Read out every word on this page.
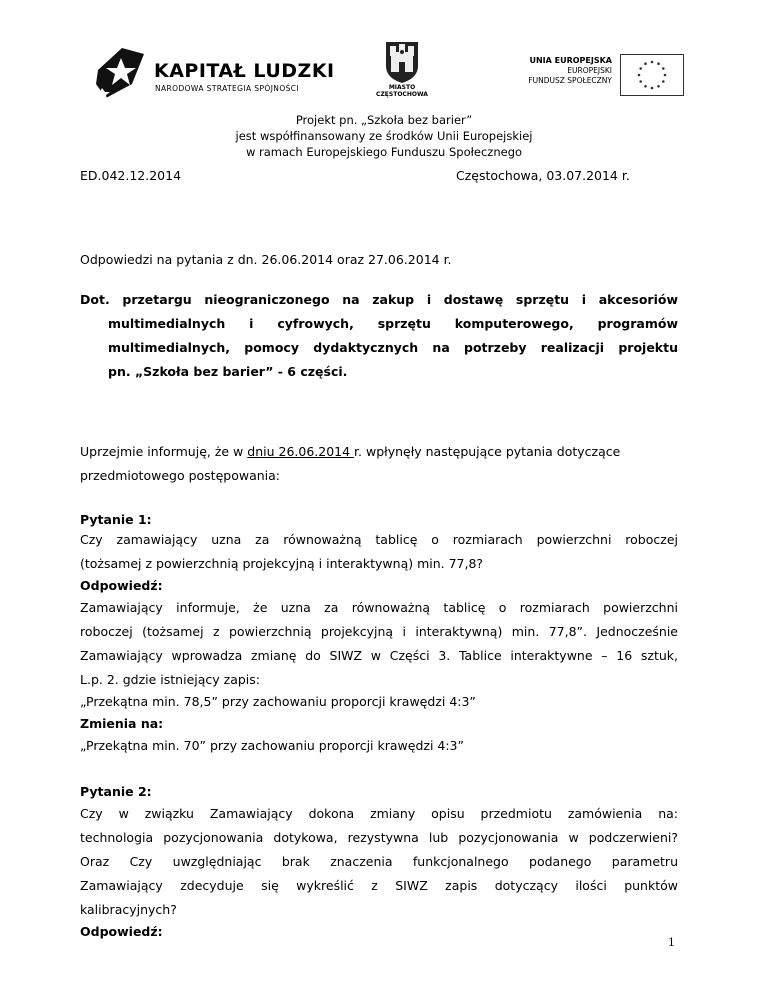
KAPITAŁ LUDZKI
NARODOWA STRATEGIA SPÓJNOŚCI	MIASTO
CZĘSTOCHOWA
UNIA EUROPEJSKA
EUROPEJSKI
FUNDUSZ SPOŁECZNY
Projekt pn. „Szkoła bez barier”
jest współfinansowany ze środków Unii Europejskiej
w ramach Europejskiego Funduszu Społecznego
ED.042.12.2014	Częstochowa, 03.07.2014 r.
Odpowiedzi na pytania z dn. 26.06.2014 oraz 27.06.2014 r.
Dot. przetargu nieograniczonego na zakup i dostawę sprzętu i akcesoriów
multimedialnych i cyfrowych, sprzętu komputerowego, programów
multimedialnych, pomocy dydaktycznych na potrzeby realizacji projektu
pn. „Szkoła bez barier” - 6 części.
Uprzejmie informuję, że w dniu 26.06.2014 r. wpłynęły następujące pytania dotyczące
przedmiotowego postępowania:
Pytanie 1:
Czy zamawiający uzna za równoważną tablicę o rozmiarach powierzchni roboczej
(tożsamej z powierzchnią projekcyjną i interaktywną) min. 77,8?
Odpowiedź:
Zamawiający informuje, że uzna za równoważną tablicę o rozmiarach powierzchni
roboczej (tożsamej z powierzchnią projekcyjną i interaktywną) min. 77,8”. Jednocześnie
Zamawiający wprowadza zmianę do SIWZ w Części 3. Tablice interaktywne – 16 sztuk,
L.p. 2. gdzie istniejący zapis:
„Przekątna min. 78,5” przy zachowaniu proporcji krawędzi 4:3”
Zmienia na:
„Przekątna min. 70” przy zachowaniu proporcji krawędzi 4:3”
Pytanie 2:
Czy w związku Zamawiający dokona zmiany opisu przedmiotu zamówienia na:
technologia pozycjonowania dotykowa, rezystywna lub pozycjonowania w podczerwieni?
Oraz Czy uwzględniając brak znaczenia funkcjonalnego podanego parametru
Zamawiający zdecyduje się wykreślić z SIWZ zapis dotyczący ilości punktów
kalibracyjnych?
Odpowiedź:
1
